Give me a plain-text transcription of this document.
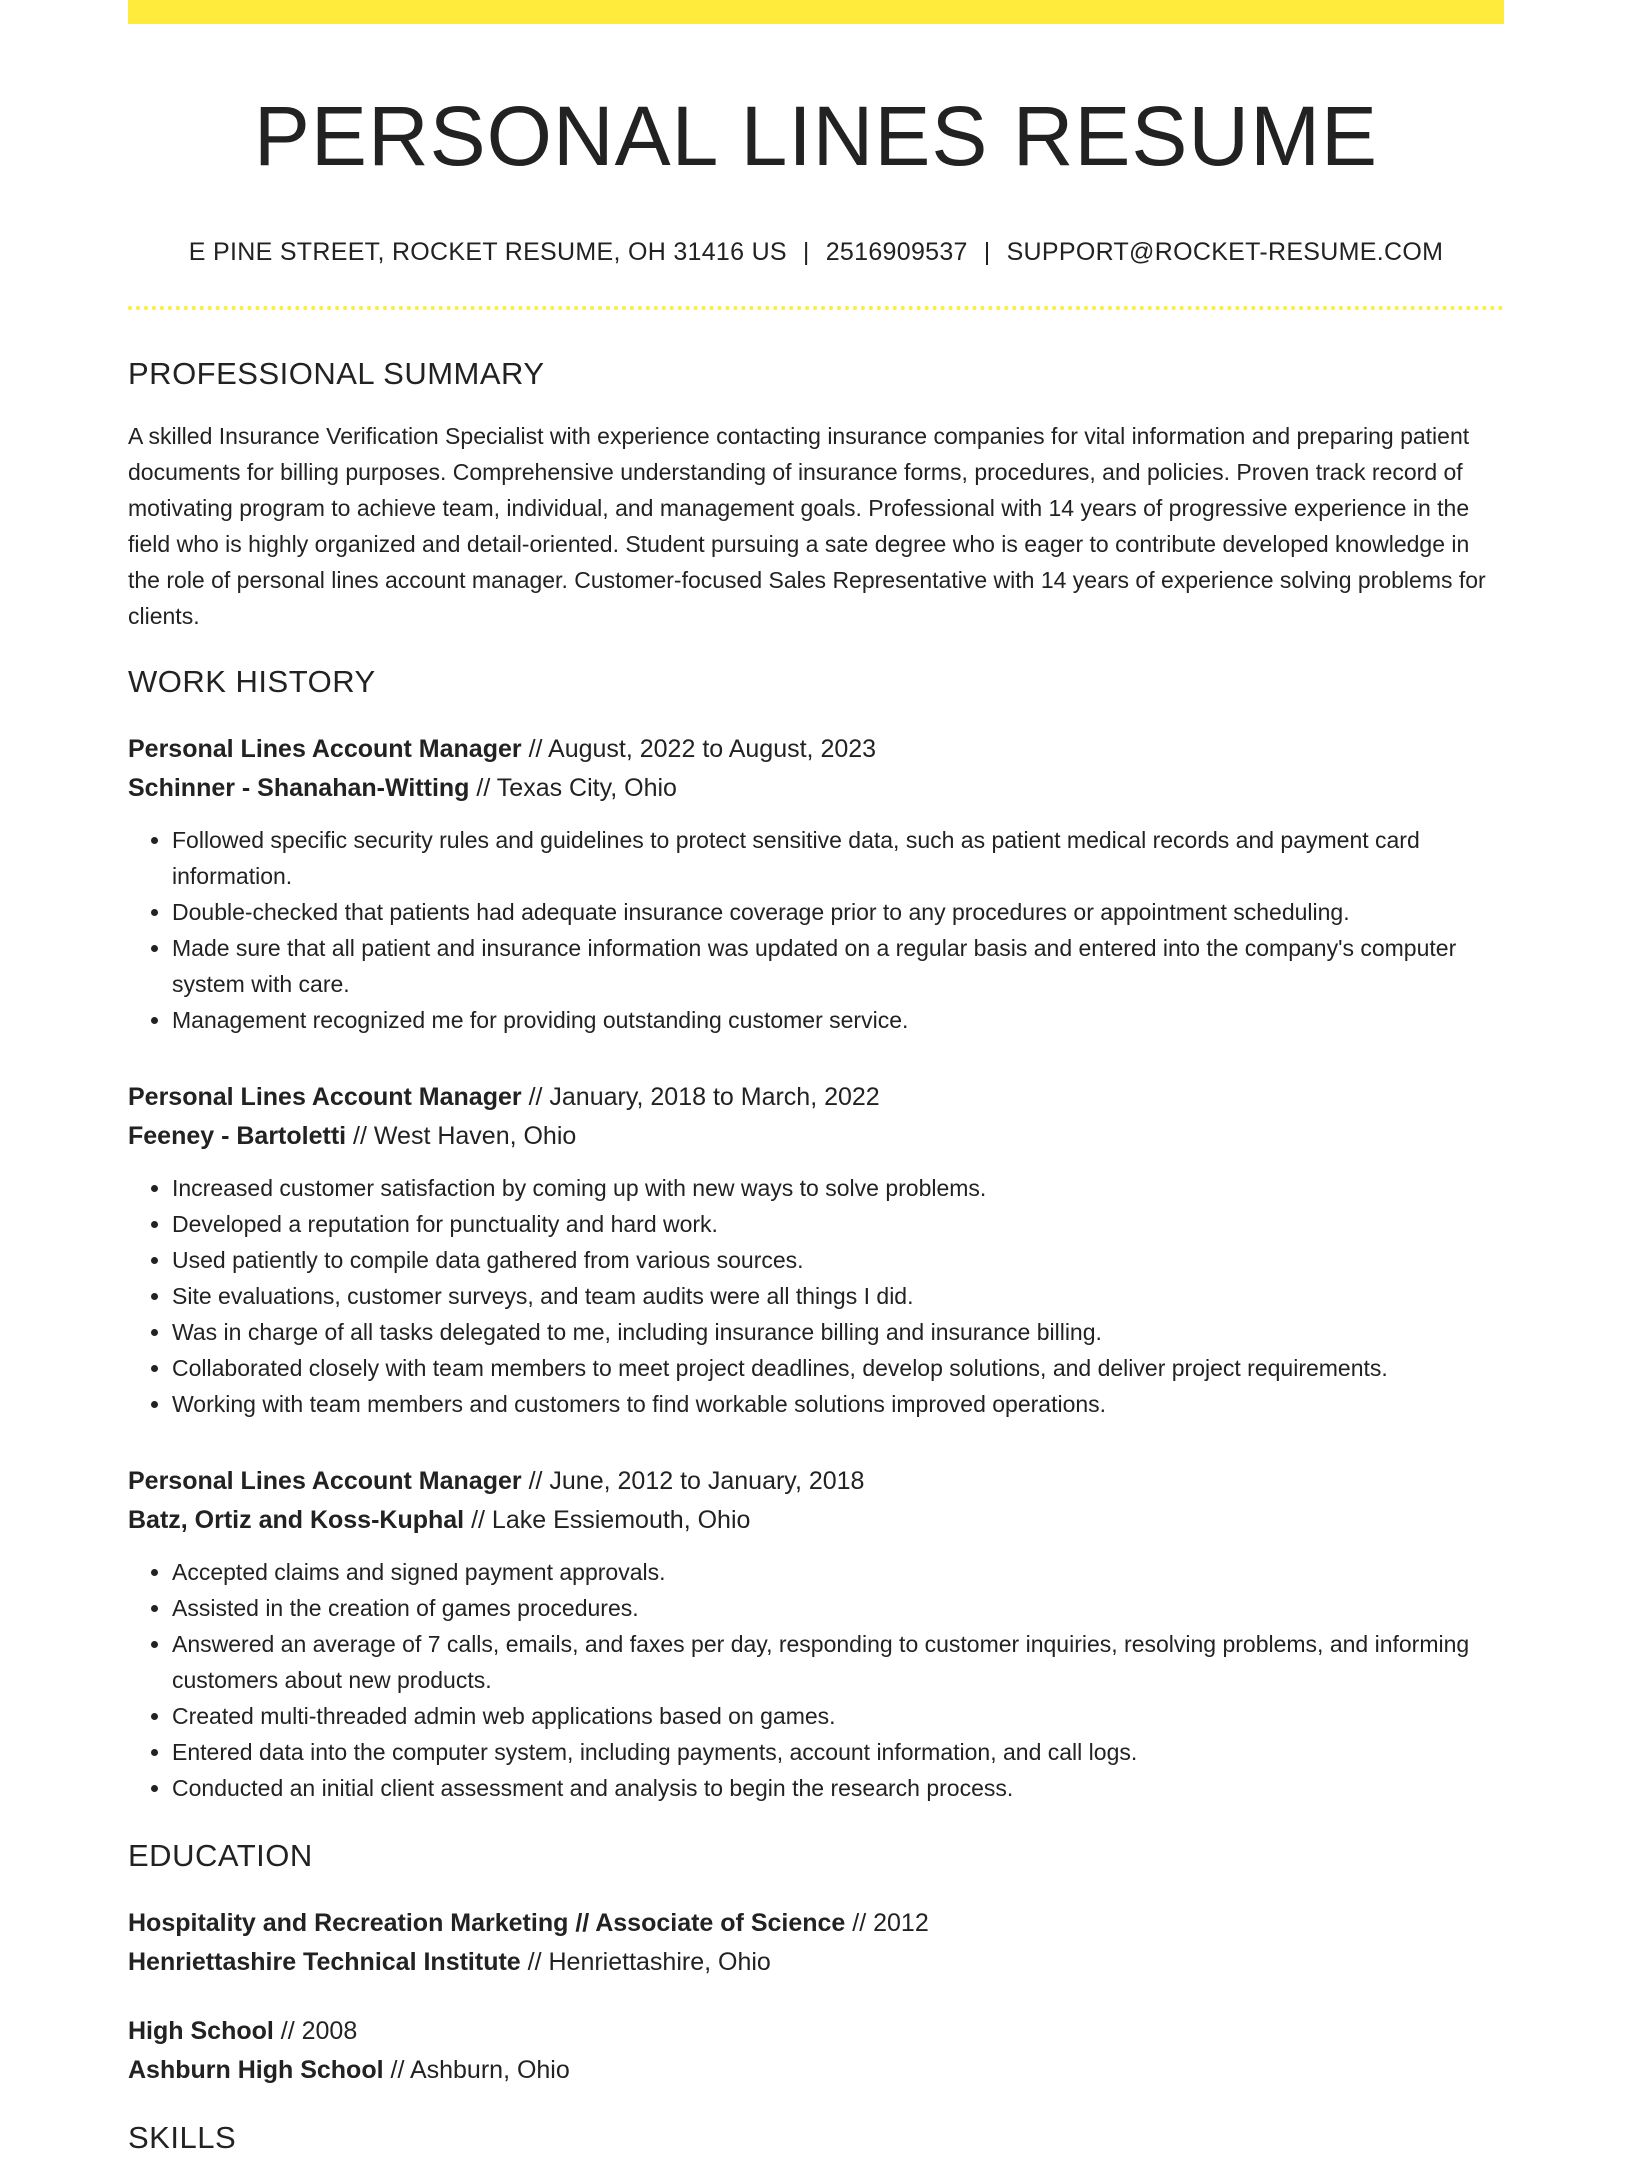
PERSONAL LINES RESUME
E PINE STREET, ROCKET RESUME, OH 31416 US | 2516909537 | SUPPORT@ROCKET-RESUME.COM
PROFESSIONAL SUMMARY
A skilled Insurance Verification Specialist with experience contacting insurance companies for vital information and preparing patient documents for billing purposes. Comprehensive understanding of insurance forms, procedures, and policies. Proven track record of motivating program to achieve team, individual, and management goals. Professional with 14 years of progressive experience in the field who is highly organized and detail-oriented. Student pursuing a sate degree who is eager to contribute developed knowledge in the role of personal lines account manager. Customer-focused Sales Representative with 14 years of experience solving problems for clients.
WORK HISTORY
Personal Lines Account Manager // August, 2022 to August, 2023
Schinner - Shanahan-Witting // Texas City, Ohio
• Followed specific security rules and guidelines to protect sensitive data, such as patient medical records and payment card information.
• Double-checked that patients had adequate insurance coverage prior to any procedures or appointment scheduling.
• Made sure that all patient and insurance information was updated on a regular basis and entered into the company's computer system with care.
• Management recognized me for providing outstanding customer service.
Personal Lines Account Manager // January, 2018 to March, 2022
Feeney - Bartoletti // West Haven, Ohio
• Increased customer satisfaction by coming up with new ways to solve problems.
• Developed a reputation for punctuality and hard work.
• Used patiently to compile data gathered from various sources.
• Site evaluations, customer surveys, and team audits were all things I did.
• Was in charge of all tasks delegated to me, including insurance billing and insurance billing.
• Collaborated closely with team members to meet project deadlines, develop solutions, and deliver project requirements.
• Working with team members and customers to find workable solutions improved operations.
Personal Lines Account Manager // June, 2012 to January, 2018
Batz, Ortiz and Koss-Kuphal // Lake Essiemouth, Ohio
• Accepted claims and signed payment approvals.
• Assisted in the creation of games procedures.
• Answered an average of 7 calls, emails, and faxes per day, responding to customer inquiries, resolving problems, and informing customers about new products.
• Created multi-threaded admin web applications based on games.
• Entered data into the computer system, including payments, account information, and call logs.
• Conducted an initial client assessment and analysis to begin the research process.
EDUCATION
Hospitality and Recreation Marketing // Associate of Science // 2012
Henriettashire Technical Institute // Henriettashire, Ohio
High School // 2008
Ashburn High School // Ashburn, Ohio
SKILLS
